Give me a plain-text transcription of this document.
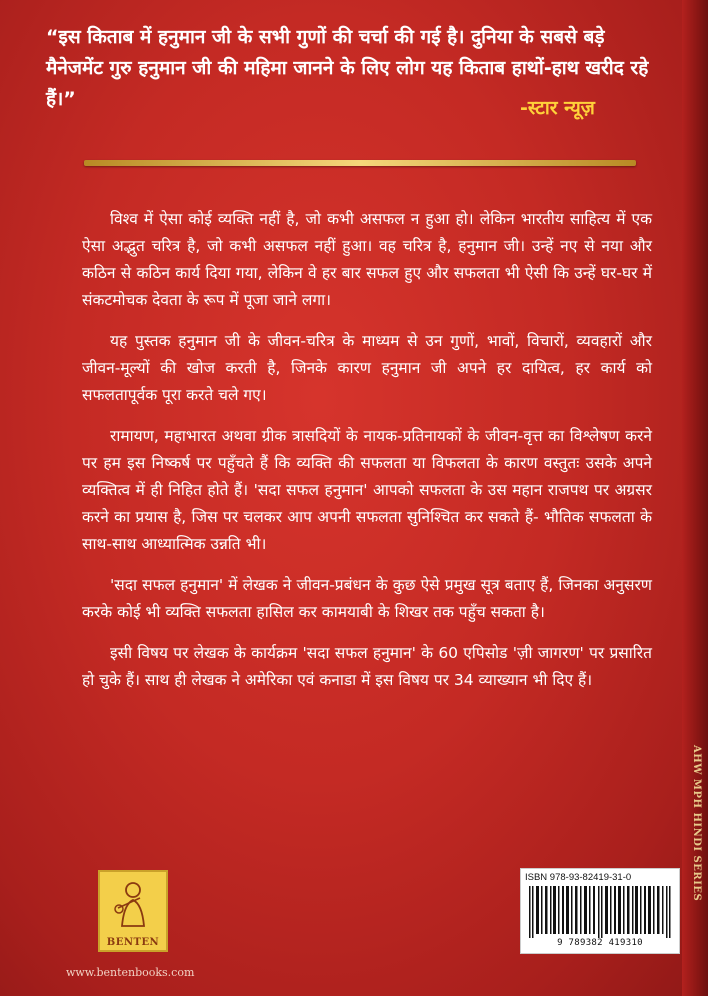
“इस किताब में हनुमान जी के सभी गुणों की चर्चा की गई है। दुनिया के सबसे बड़े मैनेजमेंट गुरु हनुमान जी की महिमा जानने के लिए लोग यह किताब हाथों-हाथ खरीद रहे हैं।”	-स्टार न्यूज़

विश्व में ऐसा कोई व्यक्ति नहीं है, जो कभी असफल न हुआ हो। लेकिन भारतीय साहित्य में एक ऐसा अद्भुत चरित्र है, जो कभी असफल नहीं हुआ। वह चरित्र है, हनुमान जी। उन्हें नए से नया और कठिन से कठिन कार्य दिया गया, लेकिन वे हर बार सफल हुए और सफलता भी ऐसी कि उन्हें घर-घर में संकटमोचक देवता के रूप में पूजा जाने लगा।

यह पुस्तक हनुमान जी के जीवन-चरित्र के माध्यम से उन गुणों, भावों, विचारों, व्यवहारों और जीवन-मूल्यों की खोज करती है, जिनके कारण हनुमान जी अपने हर दायित्व, हर कार्य को सफलतापूर्वक पूरा करते चले गए।

रामायण, महाभारत अथवा ग्रीक त्रासदियों के नायक-प्रतिनायकों के जीवन-वृत्त का विश्लेषण करने पर हम इस निष्कर्ष पर पहुँचते हैं कि व्यक्ति की सफलता या विफलता के कारण वस्तुतः उसके अपने व्यक्तित्व में ही निहित होते हैं। 'सदा सफल हनुमान' आपको सफलता के उस महान राजपथ पर अग्रसर करने का प्रयास है, जिस पर चलकर आप अपनी सफलता सुनिश्चित कर सकते हैं- भौतिक सफलता के साथ-साथ आध्यात्मिक उन्नति भी।

'सदा सफल हनुमान' में लेखक ने जीवन-प्रबंधन के कुछ ऐसे प्रमुख सूत्र बताए हैं, जिनका अनुसरण करके कोई भी व्यक्ति सफलता हासिल कर कामयाबी के शिखर तक पहुँच सकता है।

इसी विषय पर लेखक के कार्यक्रम 'सदा सफल हनुमान' के 60 एपिसोड 'ज़ी जागरण' पर प्रसारित हो चुके हैं। साथ ही लेखक ने अमेरिका एवं कनाडा में इस विषय पर 34 व्याख्यान भी दिए हैं।

AHW MPH HINDI SERIES
BENTEN
www.bentenbooks.com
ISBN 978-93-82419-31-0
9 789382 419310
